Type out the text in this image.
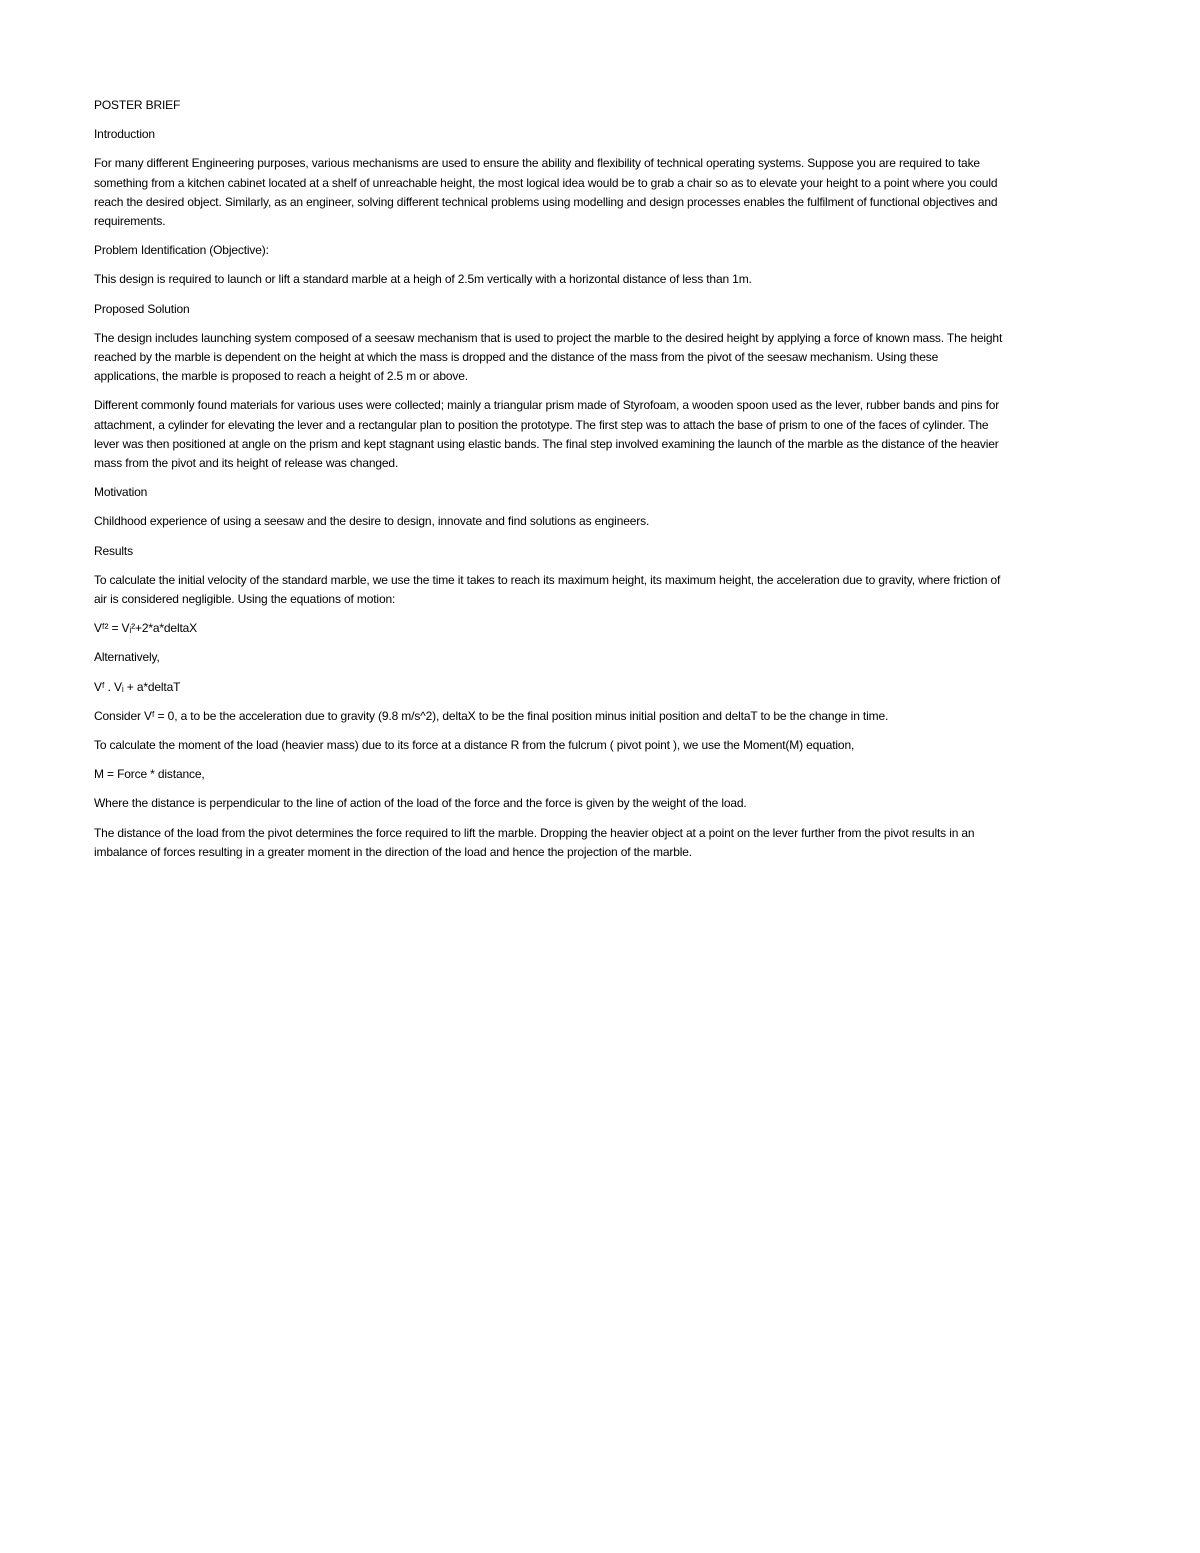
POSTER BRIEF

Introduction

For many different Engineering purposes, various mechanisms are used to ensure the ability and flexibility of technical operating systems. Suppose you are required to take something from a kitchen cabinet located at a shelf of unreachable height, the most logical idea would be to grab a chair so as to elevate your height to a point where you could reach the desired object. Similarly, as an engineer, solving different technical problems using modelling and design processes enables the fulfilment of functional objectives and requirements.

Problem Identification (Objective):

This design is required to launch or lift a standard marble at a heigh of 2.5m vertically with a horizontal distance of less than 1m.

Proposed Solution

The design includes launching system composed of a seesaw mechanism that is used to project the marble to the desired height by applying a force of known mass. The height reached by the marble is dependent on the height at which the mass is dropped and the distance of the mass from the pivot of the seesaw mechanism. Using these applications, the marble is proposed to reach a height of 2.5 m or above.

Different commonly found materials for various uses were collected; mainly a triangular prism made of Styrofoam, a wooden spoon used as the lever, rubber bands and pins for attachment, a cylinder for elevating the lever and a rectangular plan to position the prototype. The first step was to attach the base of prism to one of the faces of cylinder. The lever was then positioned at angle on the prism and kept stagnant using elastic bands. The final step involved examining the launch of the marble as the distance of the heavier mass from the pivot and its height of release was changed.

Motivation

Childhood experience of using a seesaw and the desire to design, innovate and find solutions as engineers.

Results

To calculate the initial velocity of the standard marble, we use the time it takes to reach its maximum height, its maximum height, the acceleration due to gravity, where friction of air is considered negligible. Using the equations of motion:

Vᶠ² = Vᵢ²+2*a*deltaX

Alternatively,

Vᶠ . Vᵢ + a*deltaT

Consider Vᶠ = 0, a to be the acceleration due to gravity (9.8 m/s^2), deltaX to be the final position minus initial position and deltaT to be the change in time.

To calculate the moment of the load (heavier mass) due to its force at a distance R from the fulcrum ( pivot point ), we use the Moment(M) equation,

M = Force * distance,

Where the distance is perpendicular to the line of action of the load of the force and the force is given by the weight of the load.

The distance of the load from the pivot determines the force required to lift the marble. Dropping the heavier object at a point on the lever further from the pivot results in an imbalance of forces resulting in a greater moment in the direction of the load and hence the projection of the marble.
